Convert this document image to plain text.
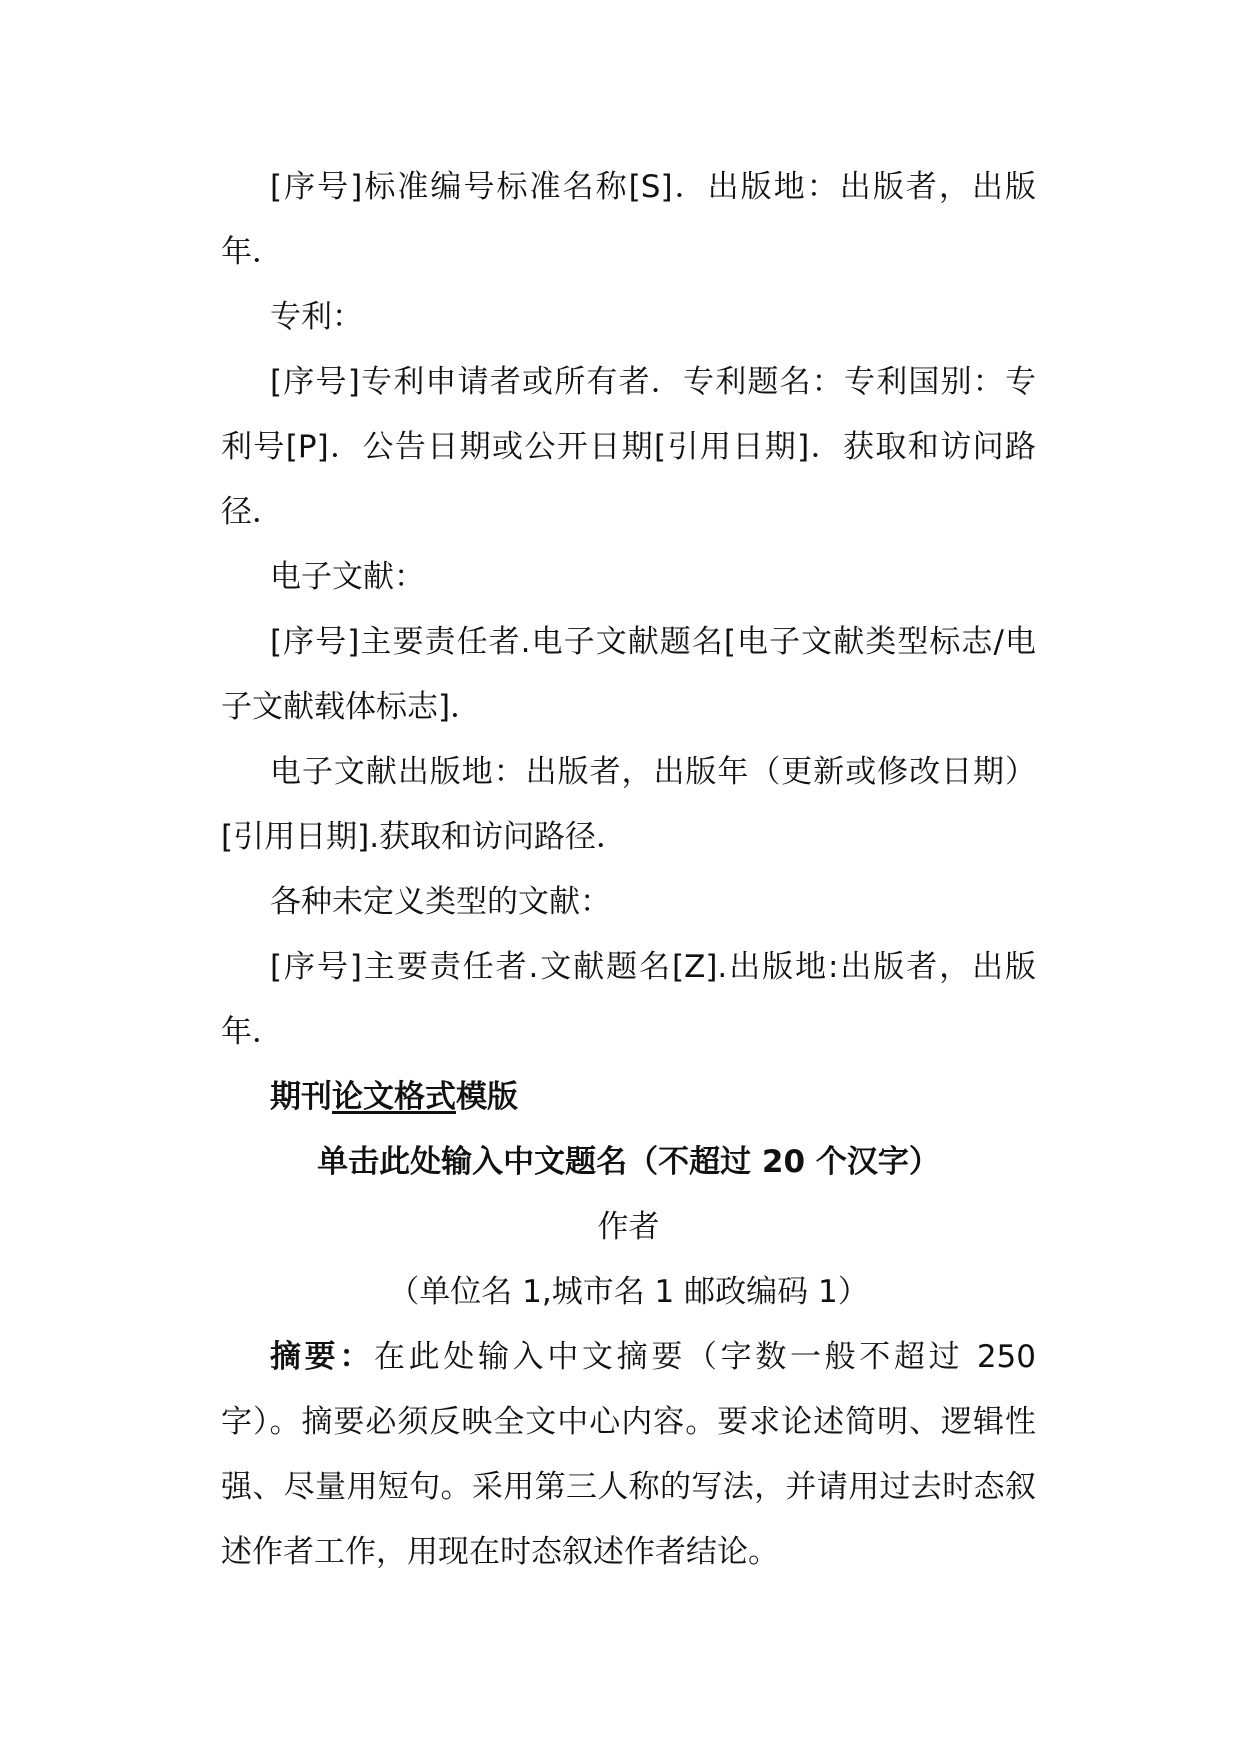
[序号]标准编号标准名称[S]．出版地：出版者，出版年．

专利：

[序号]专利申请者或所有者．专利题名：专利国别：专利号[P]．公告日期或公开日期[引用日期]．获取和访问路径．

电子文献：

[序号]主要责任者.电子文献题名[电子文献类型标志/电子文献载体标志]．

电子文献出版地：出版者，出版年（更新或修改日期）[引用日期].获取和访问路径．

各种未定义类型的文献：

[序号]主要责任者.文献题名[Z].出版地:出版者，出版年．

期刊论文格式模版

单击此处输入中文题名（不超过 20 个汉字）

作者

（单位名 1,城市名 1 邮政编码 1）

摘要：在此处输入中文摘要（字数一般不超过 250 字）。摘要必须反映全文中心内容。要求论述简明、逻辑性强、尽量用短句。采用第三人称的写法，并请用过去时态叙述作者工作，用现在时态叙述作者结论。
